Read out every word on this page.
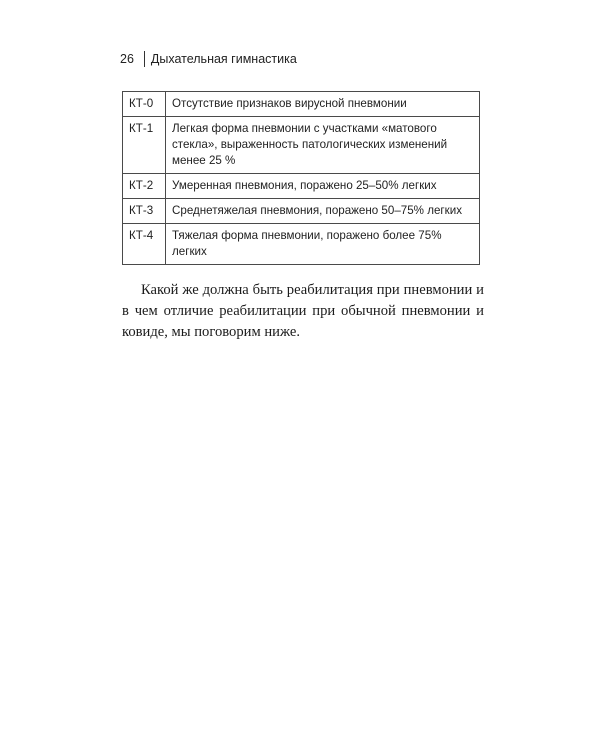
26 Дыхательная гимнастика
КТ-0	Отсутствие признаков вирусной пневмонии
КТ-1	Легкая форма пневмонии с участками «матового стекла», выраженность патологических изменений менее 25 %
КТ-2	Умеренная пневмония, поражено 25–50% легких
КТ-3	Среднетяжелая пневмония, поражено 50–75% легких
КТ-4	Тяжелая форма пневмонии, поражено более 75% легких

Какой же должна быть реабилитация при пневмонии и в чем отличие реабилитации при обычной пневмонии и ковиде, мы поговорим ниже.
